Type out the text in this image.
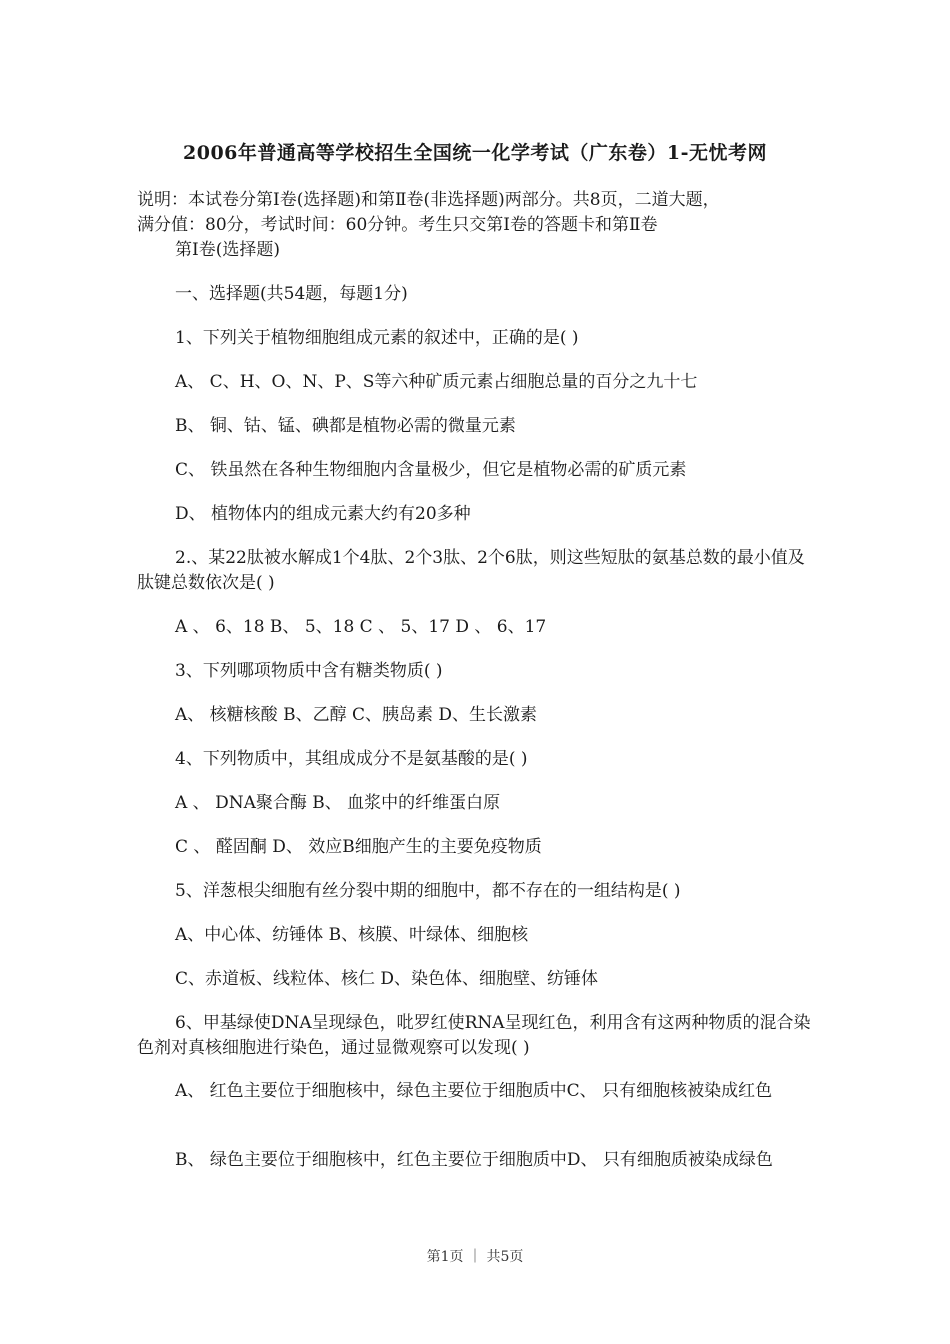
2006年普通高等学校招生全国统一化学考试（广东卷）1-无忧考网
说明：本试卷分第Ⅰ卷(选择题)和第Ⅱ卷(非选择题)两部分。共8页，二道大题，
满分值：80分，考试时间：60分钟。考生只交第Ⅰ卷的答题卡和第Ⅱ卷
第Ⅰ卷(选择题)
一、选择题(共54题，每题1分)
1、下列关于植物细胞组成元素的叙述中，正确的是( )
A、 C、H、O、N、P、S等六种矿质元素占细胞总量的百分之九十七
B、 铜、钴、锰、碘都是植物必需的微量元素
C、 铁虽然在各种生物细胞内含量极少，但它是植物必需的矿质元素
D、 植物体内的组成元素大约有20多种
2.、某22肽被水解成1个4肽、2个3肽、2个6肽，则这些短肽的氨基总数的最小值及肽键总数依次是( )
A 、 6、18 B、 5、18 C 、 5、17 D 、 6、17
3、下列哪项物质中含有糖类物质( )
A、 核糖核酸 B、乙醇 C、胰岛素 D、生长激素
4、下列物质中，其组成成分不是氨基酸的是( )
A 、 DNA聚合酶 B、 血浆中的纤维蛋白原
C 、 醛固酮 D、 效应B细胞产生的主要免疫物质
5、洋葱根尖细胞有丝分裂中期的细胞中，都不存在的一组结构是( )
A、中心体、纺锤体 B、核膜、叶绿体、细胞核
C、赤道板、线粒体、核仁 D、染色体、细胞壁、纺锤体
6、甲基绿使DNA呈现绿色，吡罗红使RNA呈现红色，利用含有这两种物质的混合染色剂对真核细胞进行染色，通过显微观察可以发现( )
A、 红色主要位于细胞核中，绿色主要位于细胞质中C、 只有细胞核被染成红色
B、 绿色主要位于细胞核中，红色主要位于细胞质中D、 只有细胞质被染成绿色
第1页 ｜ 共5页
